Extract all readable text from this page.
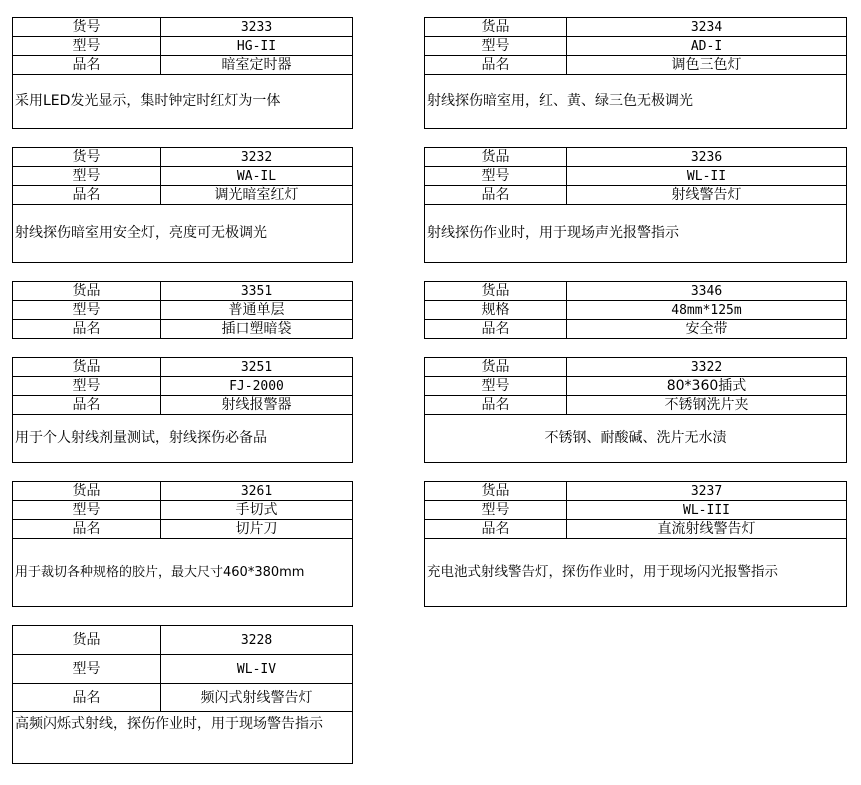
货号	3233
型号	HG-II
品名	暗室定时器
采用LED发光显示，集时钟定时红灯为一体
货品	3234
型号	AD-I
品名	调色三色灯
射线探伤暗室用，红、黄、绿三色无极调光
货号	3232
型号	WA-IL
品名	调光暗室红灯
射线探伤暗室用安全灯，亮度可无极调光
货品	3236
型号	WL-II
品名	射线警告灯
射线探伤作业时，用于现场声光报警指示
货品	3351
型号	普通单层
品名	插口塑暗袋
货品	3346
规格	48mm*125m
品名	安全带
货品	3251
型号	FJ-2000
品名	射线报警器
用于个人射线剂量测试，射线探伤必备品
货品	3322
型号	80*360插式
品名	不锈钢洗片夹
不锈钢、耐酸碱、洗片无水渍
货品	3261
型号	手切式
品名	切片刀
用于裁切各种规格的胶片，最大尺寸460*380mm
货品	3237
型号	WL-III
品名	直流射线警告灯
充电池式射线警告灯，探伤作业时，用于现场闪光报警指示
货品	3228
型号	WL-IV
品名	频闪式射线警告灯
高频闪烁式射线，探伤作业时，用于现场警告指示
